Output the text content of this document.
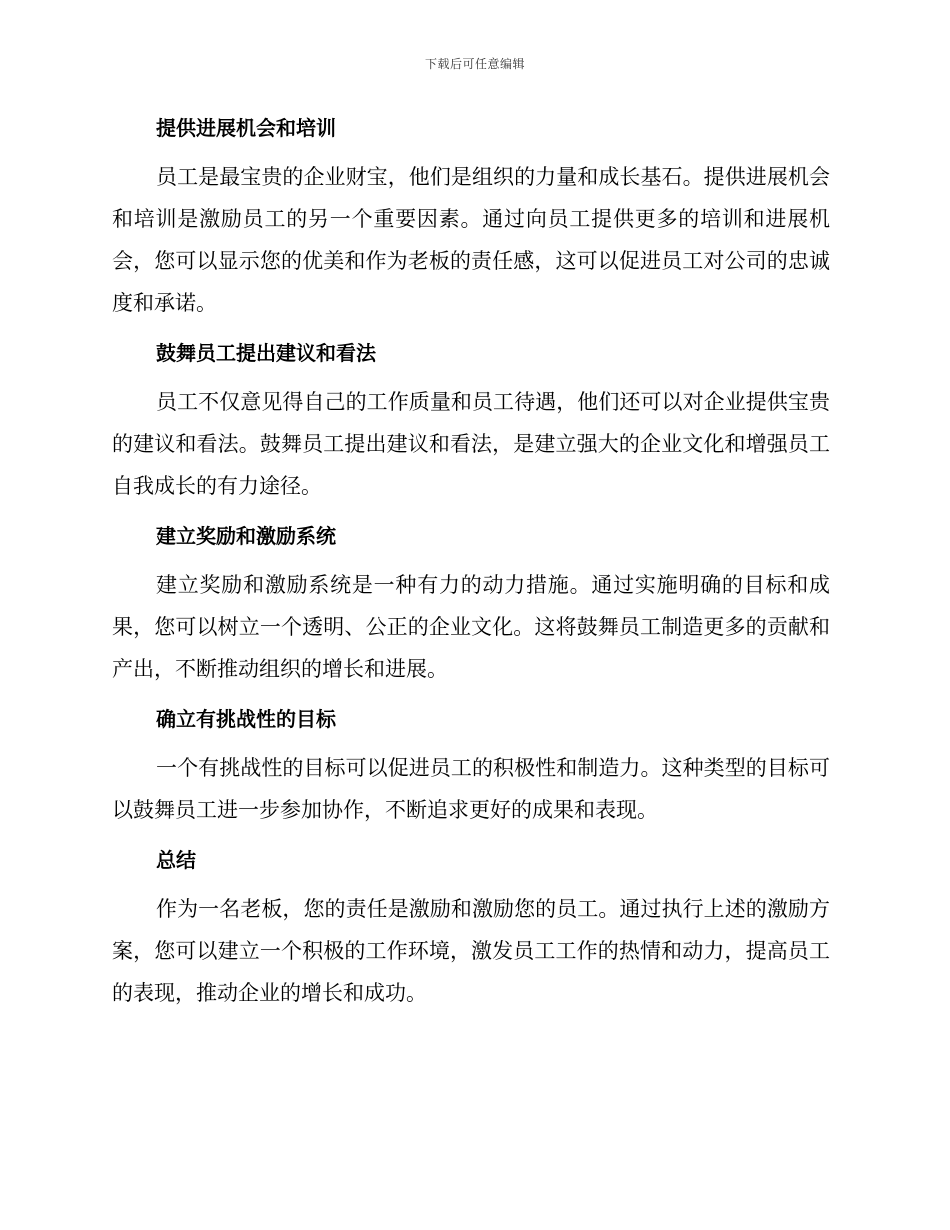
下载后可任意编辑
提供进展机会和培训

员工是最宝贵的企业财宝，他们是组织的力量和成长基石。提供进展机会和培训是激励员工的另一个重要因素。通过向员工提供更多的培训和进展机会，您可以显示您的优美和作为老板的责任感，这可以促进员工对公司的忠诚度和承诺。

鼓舞员工提出建议和看法

员工不仅意见得自己的工作质量和员工待遇，他们还可以对企业提供宝贵的建议和看法。鼓舞员工提出建议和看法，是建立强大的企业文化和增强员工自我成长的有力途径。

建立奖励和激励系统

建立奖励和激励系统是一种有力的动力措施。通过实施明确的目标和成果，您可以树立一个透明、公正的企业文化。这将鼓舞员工制造更多的贡献和产出，不断推动组织的增长和进展。

确立有挑战性的目标

一个有挑战性的目标可以促进员工的积极性和制造力。这种类型的目标可以鼓舞员工进一步参加协作，不断追求更好的成果和表现。

总结

作为一名老板，您的责任是激励和激励您的员工。通过执行上述的激励方案，您可以建立一个积极的工作环境，激发员工工作的热情和动力，提高员工的表现，推动企业的增长和成功。
